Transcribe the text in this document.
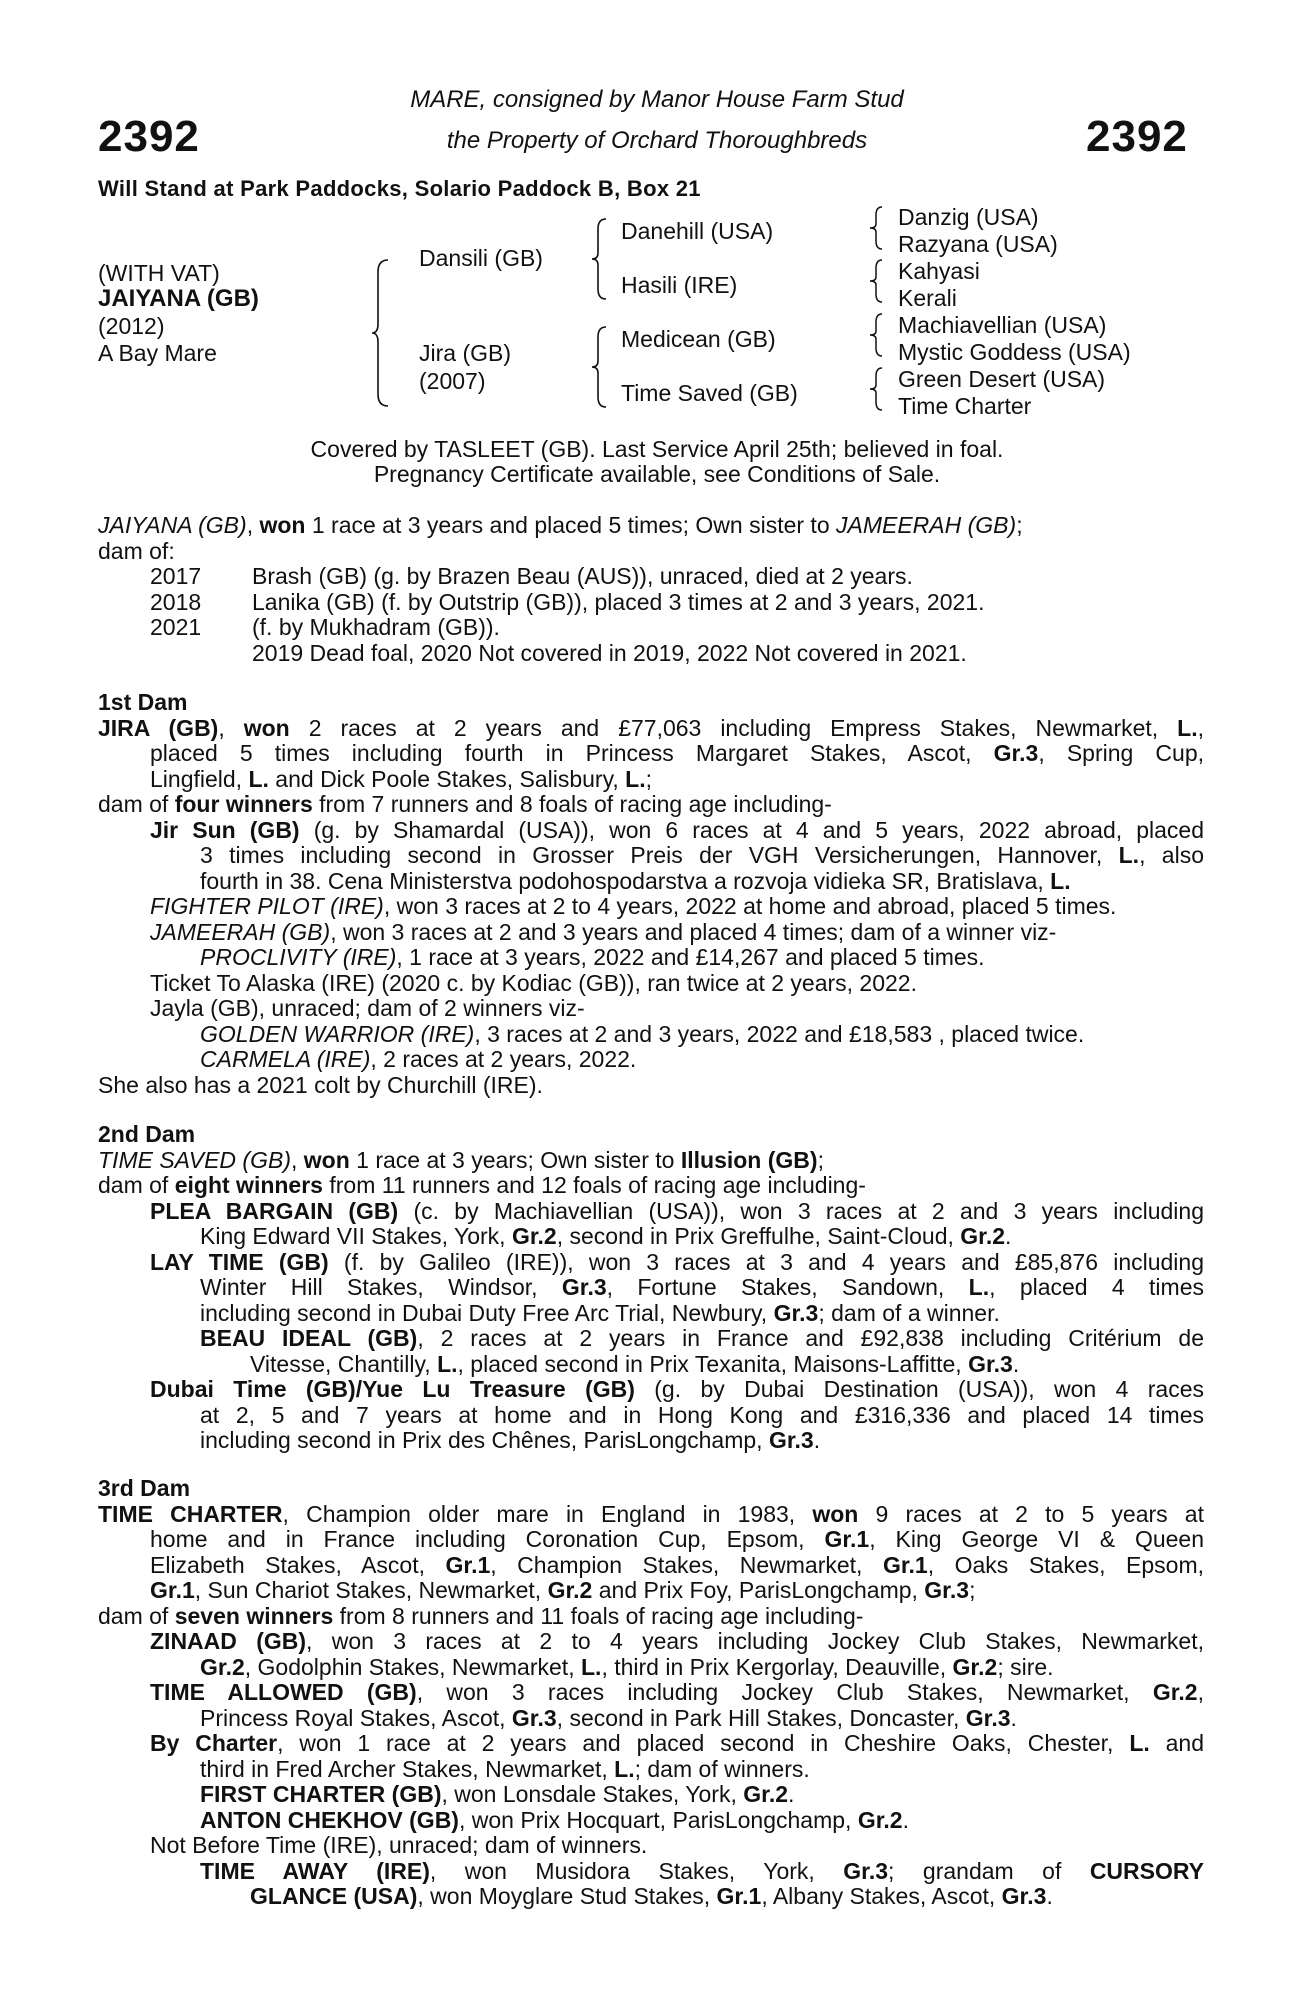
2392	2392
MARE, consigned by Manor House Farm Stud
the Property of Orchard Thoroughbreds
Will Stand at Park Paddocks, Solario Paddock B, Box 21
(WITH VAT)
JAIYANA (GB)
(2012)
A Bay Mare
Dansili (GB)
Jira (GB)
(2007)
Danehill (USA)
Hasili (IRE)
Medicean (GB)
Time Saved (GB)
Danzig (USA)
Razyana (USA)
Kahyasi
Kerali
Machiavellian (USA)
Mystic Goddess (USA)
Green Desert (USA)
Time Charter
Covered by TASLEET (GB). Last Service April 25th; believed in foal.
Pregnancy Certificate available, see Conditions of Sale.
JAIYANA (GB), won 1 race at 3 years and placed 5 times; Own sister to JAMEERAH (GB);
dam of:
2017 Brash (GB) (g. by Brazen Beau (AUS)), unraced, died at 2 years.
2018 Lanika (GB) (f. by Outstrip (GB)), placed 3 times at 2 and 3 years, 2021.
2021 (f. by Mukhadram (GB)).
2019 Dead foal, 2020 Not covered in 2019, 2022 Not covered in 2021.
1st Dam
JIRA (GB), won 2 races at 2 years and £77,063 including Empress Stakes, Newmarket, L.,
placed 5 times including fourth in Princess Margaret Stakes, Ascot, Gr.3, Spring Cup,
Lingfield, L. and Dick Poole Stakes, Salisbury, L.;
dam of four winners from 7 runners and 8 foals of racing age including-
Jir Sun (GB) (g. by Shamardal (USA)), won 6 races at 4 and 5 years, 2022 abroad, placed
3 times including second in Grosser Preis der VGH Versicherungen, Hannover, L., also
fourth in 38. Cena Ministerstva podohospodarstva a rozvoja vidieka SR, Bratislava, L.
FIGHTER PILOT (IRE), won 3 races at 2 to 4 years, 2022 at home and abroad, placed 5 times.
JAMEERAH (GB), won 3 races at 2 and 3 years and placed 4 times; dam of a winner viz-
PROCLIVITY (IRE), 1 race at 3 years, 2022 and £14,267 and placed 5 times.
Ticket To Alaska (IRE) (2020 c. by Kodiac (GB)), ran twice at 2 years, 2022.
Jayla (GB), unraced; dam of 2 winners viz-
GOLDEN WARRIOR (IRE), 3 races at 2 and 3 years, 2022 and £18,583 , placed twice.
CARMELA (IRE), 2 races at 2 years, 2022.
She also has a 2021 colt by Churchill (IRE).
2nd Dam
TIME SAVED (GB), won 1 race at 3 years; Own sister to Illusion (GB);
dam of eight winners from 11 runners and 12 foals of racing age including-
PLEA BARGAIN (GB) (c. by Machiavellian (USA)), won 3 races at 2 and 3 years including
King Edward VII Stakes, York, Gr.2, second in Prix Greffulhe, Saint-Cloud, Gr.2.
LAY TIME (GB) (f. by Galileo (IRE)), won 3 races at 3 and 4 years and £85,876 including
Winter Hill Stakes, Windsor, Gr.3, Fortune Stakes, Sandown, L., placed 4 times
including second in Dubai Duty Free Arc Trial, Newbury, Gr.3; dam of a winner.
BEAU IDEAL (GB), 2 races at 2 years in France and £92,838 including Critérium de
Vitesse, Chantilly, L., placed second in Prix Texanita, Maisons-Laffitte, Gr.3.
Dubai Time (GB)/Yue Lu Treasure (GB) (g. by Dubai Destination (USA)), won 4 races
at 2, 5 and 7 years at home and in Hong Kong and £316,336 and placed 14 times
including second in Prix des Chênes, ParisLongchamp, Gr.3.
3rd Dam
TIME CHARTER, Champion older mare in England in 1983, won 9 races at 2 to 5 years at
home and in France including Coronation Cup, Epsom, Gr.1, King George VI & Queen
Elizabeth Stakes, Ascot, Gr.1, Champion Stakes, Newmarket, Gr.1, Oaks Stakes, Epsom,
Gr.1, Sun Chariot Stakes, Newmarket, Gr.2 and Prix Foy, ParisLongchamp, Gr.3;
dam of seven winners from 8 runners and 11 foals of racing age including-
ZINAAD (GB), won 3 races at 2 to 4 years including Jockey Club Stakes, Newmarket,
Gr.2, Godolphin Stakes, Newmarket, L., third in Prix Kergorlay, Deauville, Gr.2; sire.
TIME ALLOWED (GB), won 3 races including Jockey Club Stakes, Newmarket, Gr.2,
Princess Royal Stakes, Ascot, Gr.3, second in Park Hill Stakes, Doncaster, Gr.3.
By Charter, won 1 race at 2 years and placed second in Cheshire Oaks, Chester, L. and
third in Fred Archer Stakes, Newmarket, L.; dam of winners.
FIRST CHARTER (GB), won Lonsdale Stakes, York, Gr.2.
ANTON CHEKHOV (GB), won Prix Hocquart, ParisLongchamp, Gr.2.
Not Before Time (IRE), unraced; dam of winners.
TIME AWAY (IRE), won Musidora Stakes, York, Gr.3; grandam of CURSORY
GLANCE (USA), won Moyglare Stud Stakes, Gr.1, Albany Stakes, Ascot, Gr.3.
